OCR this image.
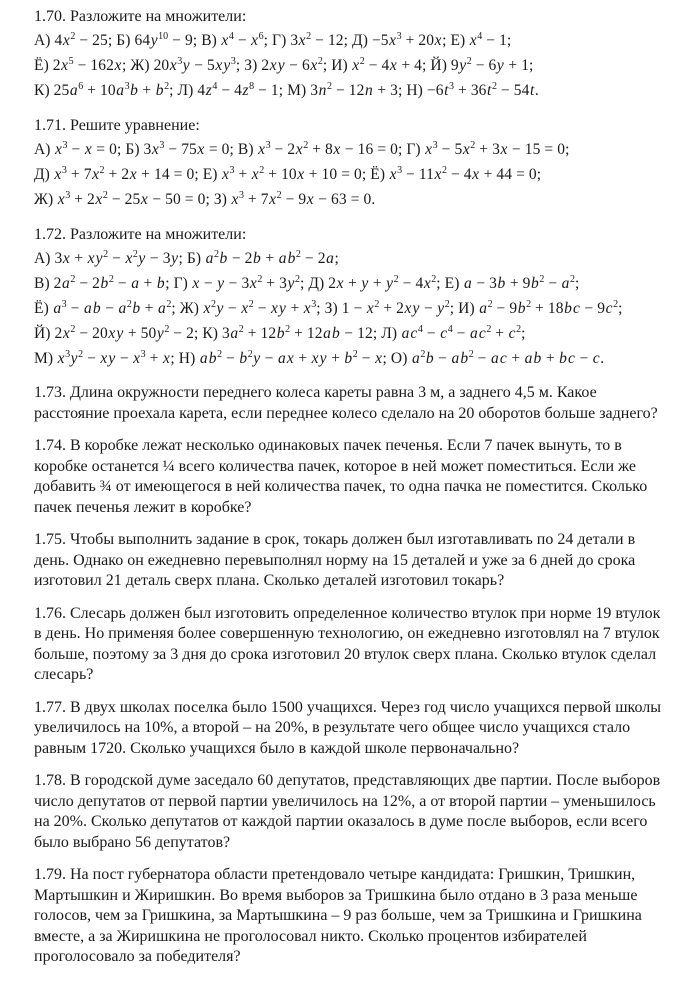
1.70. Разложите на множители:
А) $4x^2 - 25$; Б) $64y^{10} - 9$; В) $x^4 - x^6$; Г) $3x^2 - 12$; $Д) -5x^3 + 20x$; Е) $x^4 - 1$;
Ё) $2x^5 - 162x$; Ж) $20x^3y - 5xy^3$; З) $2xy - 6x^2$; И) $x^2 - 4x + 4$; Й) $9y^2 - 6y + 1$;
К) $25a^6 + 10a^3b + b^2$; Л) $4z^4 - 4z^8 - 1$; М) $3n^2 - 12n + 3$; $Н) -6t^3 + 36t^2 - 54t$.
1.71. Решите уравнение:
А) $x^3 - x = 0$; Б) $3x^3 - 75x = 0$; В) $x^3 - 2x^2 + 8x - 16 = 0$; Г) $x^3 - 5x^2 + 3x - 15 = 0$;
Д) $x^3 + 7x^2 + 2x + 14 = 0$; Е) $x^3 + x^2 + 10x + 10 = 0$; Ё) $x^3 - 11x^2 - 4x + 44 = 0$;
Ж) $x^3 + 2x^2 - 25x - 50 = 0$; З) $x^3 + 7x^2 - 9x - 63 = 0$.
1.72. Разложите на множители:
А) $3x + xy^2 - x^2y - 3y$; Б) $a^2b - 2b + ab^2 - 2a$;
В) $2a^2 - 2b^2 - a + b$; Г) $x - y - 3x^2 + 3y^2$; Д) $2x + y + y^2 - 4x^2$; Е) $a - 3b + 9b^2 - a^2$;
Ё) $a^3$ − ab − $a^2b + a^2$; Ж) $x^2y - x^2$ − xy + $x^3$; З) $1 - x^2 + 2xy - y^2$; И) $a^2 - 9b^2 + 18bc - 9c^2$;
Й) $2x^2 - 20xy + 50y^2 - 2$; К) $3a^2 + 12b^2 + 12ab - 12$; Л) $ac^4 - c^4 - ac^2 + c^2$;
М) $x^3y^2$ − xy − $x^3 + x$; Н) $ab^2 - b^2y$ − ax + xy + $b^2 - x$; О) $a^2b - ab^2$ − ac + ab + bc − c.

1.73. Длина окружности переднего колеса кареты равна 3 м, а заднего 4,5 м. Какое расстояние проехала карета, если переднее колесо сделало на 20 оборотов больше заднего?

1.74. В коробке лежат несколько одинаковых пачек печенья. Если 7 пачек вынуть, то в коробке останется ¼ всего количества пачек, которое в ней может поместиться. Если же добавить ¾ от имеющегося в ней количества пачек, то одна пачка не поместится. Сколько пачек печенья лежит в коробке?

1.75. Чтобы выполнить задание в срок, токарь должен был изготавливать по 24 детали в день. Однако он ежедневно перевыполнял норму на 15 деталей и уже за 6 дней до срока изготовил 21 деталь сверх плана. Сколько деталей изготовил токарь?

1.76. Слесарь должен был изготовить определенное количество втулок при норме 19 втулок в день. Но применяя более совершенную технологию, он ежедневно изготовлял на 7 втулок больше, поэтому за 3 дня до срока изготовил 20 втулок сверх плана. Сколько втулок сделал слесарь?

1.77. В двух школах поселка было 1500 учащихся. Через год число учащихся первой школы увеличилось на 10%, а второй – на 20%, в результате чего общее число учащихся стало равным 1720. Сколько учащихся было в каждой школе первоначально?

1.78. В городской думе заседало 60 депутатов, представляющих две партии. После выборов число депутатов от первой партии увеличилось на 12%, а от второй партии – уменьшилось на 20%. Сколько депутатов от каждой партии оказалось в думе после выборов, если всего было выбрано 56 депутатов?

1.79. На пост губернатора области претендовало четыре кандидата: Гришкин, Тришкин, Мартышкин и Жиришкин. Во время выборов за Тришкина было отдано в 3 раза меньше голосов, чем за Гришкина, за Мартышкина – 9 раз больше, чем за Тришкина и Гришкина вместе, а за Жиришкина не проголосовал никто. Сколько процентов избирателей проголосовало за победителя?
